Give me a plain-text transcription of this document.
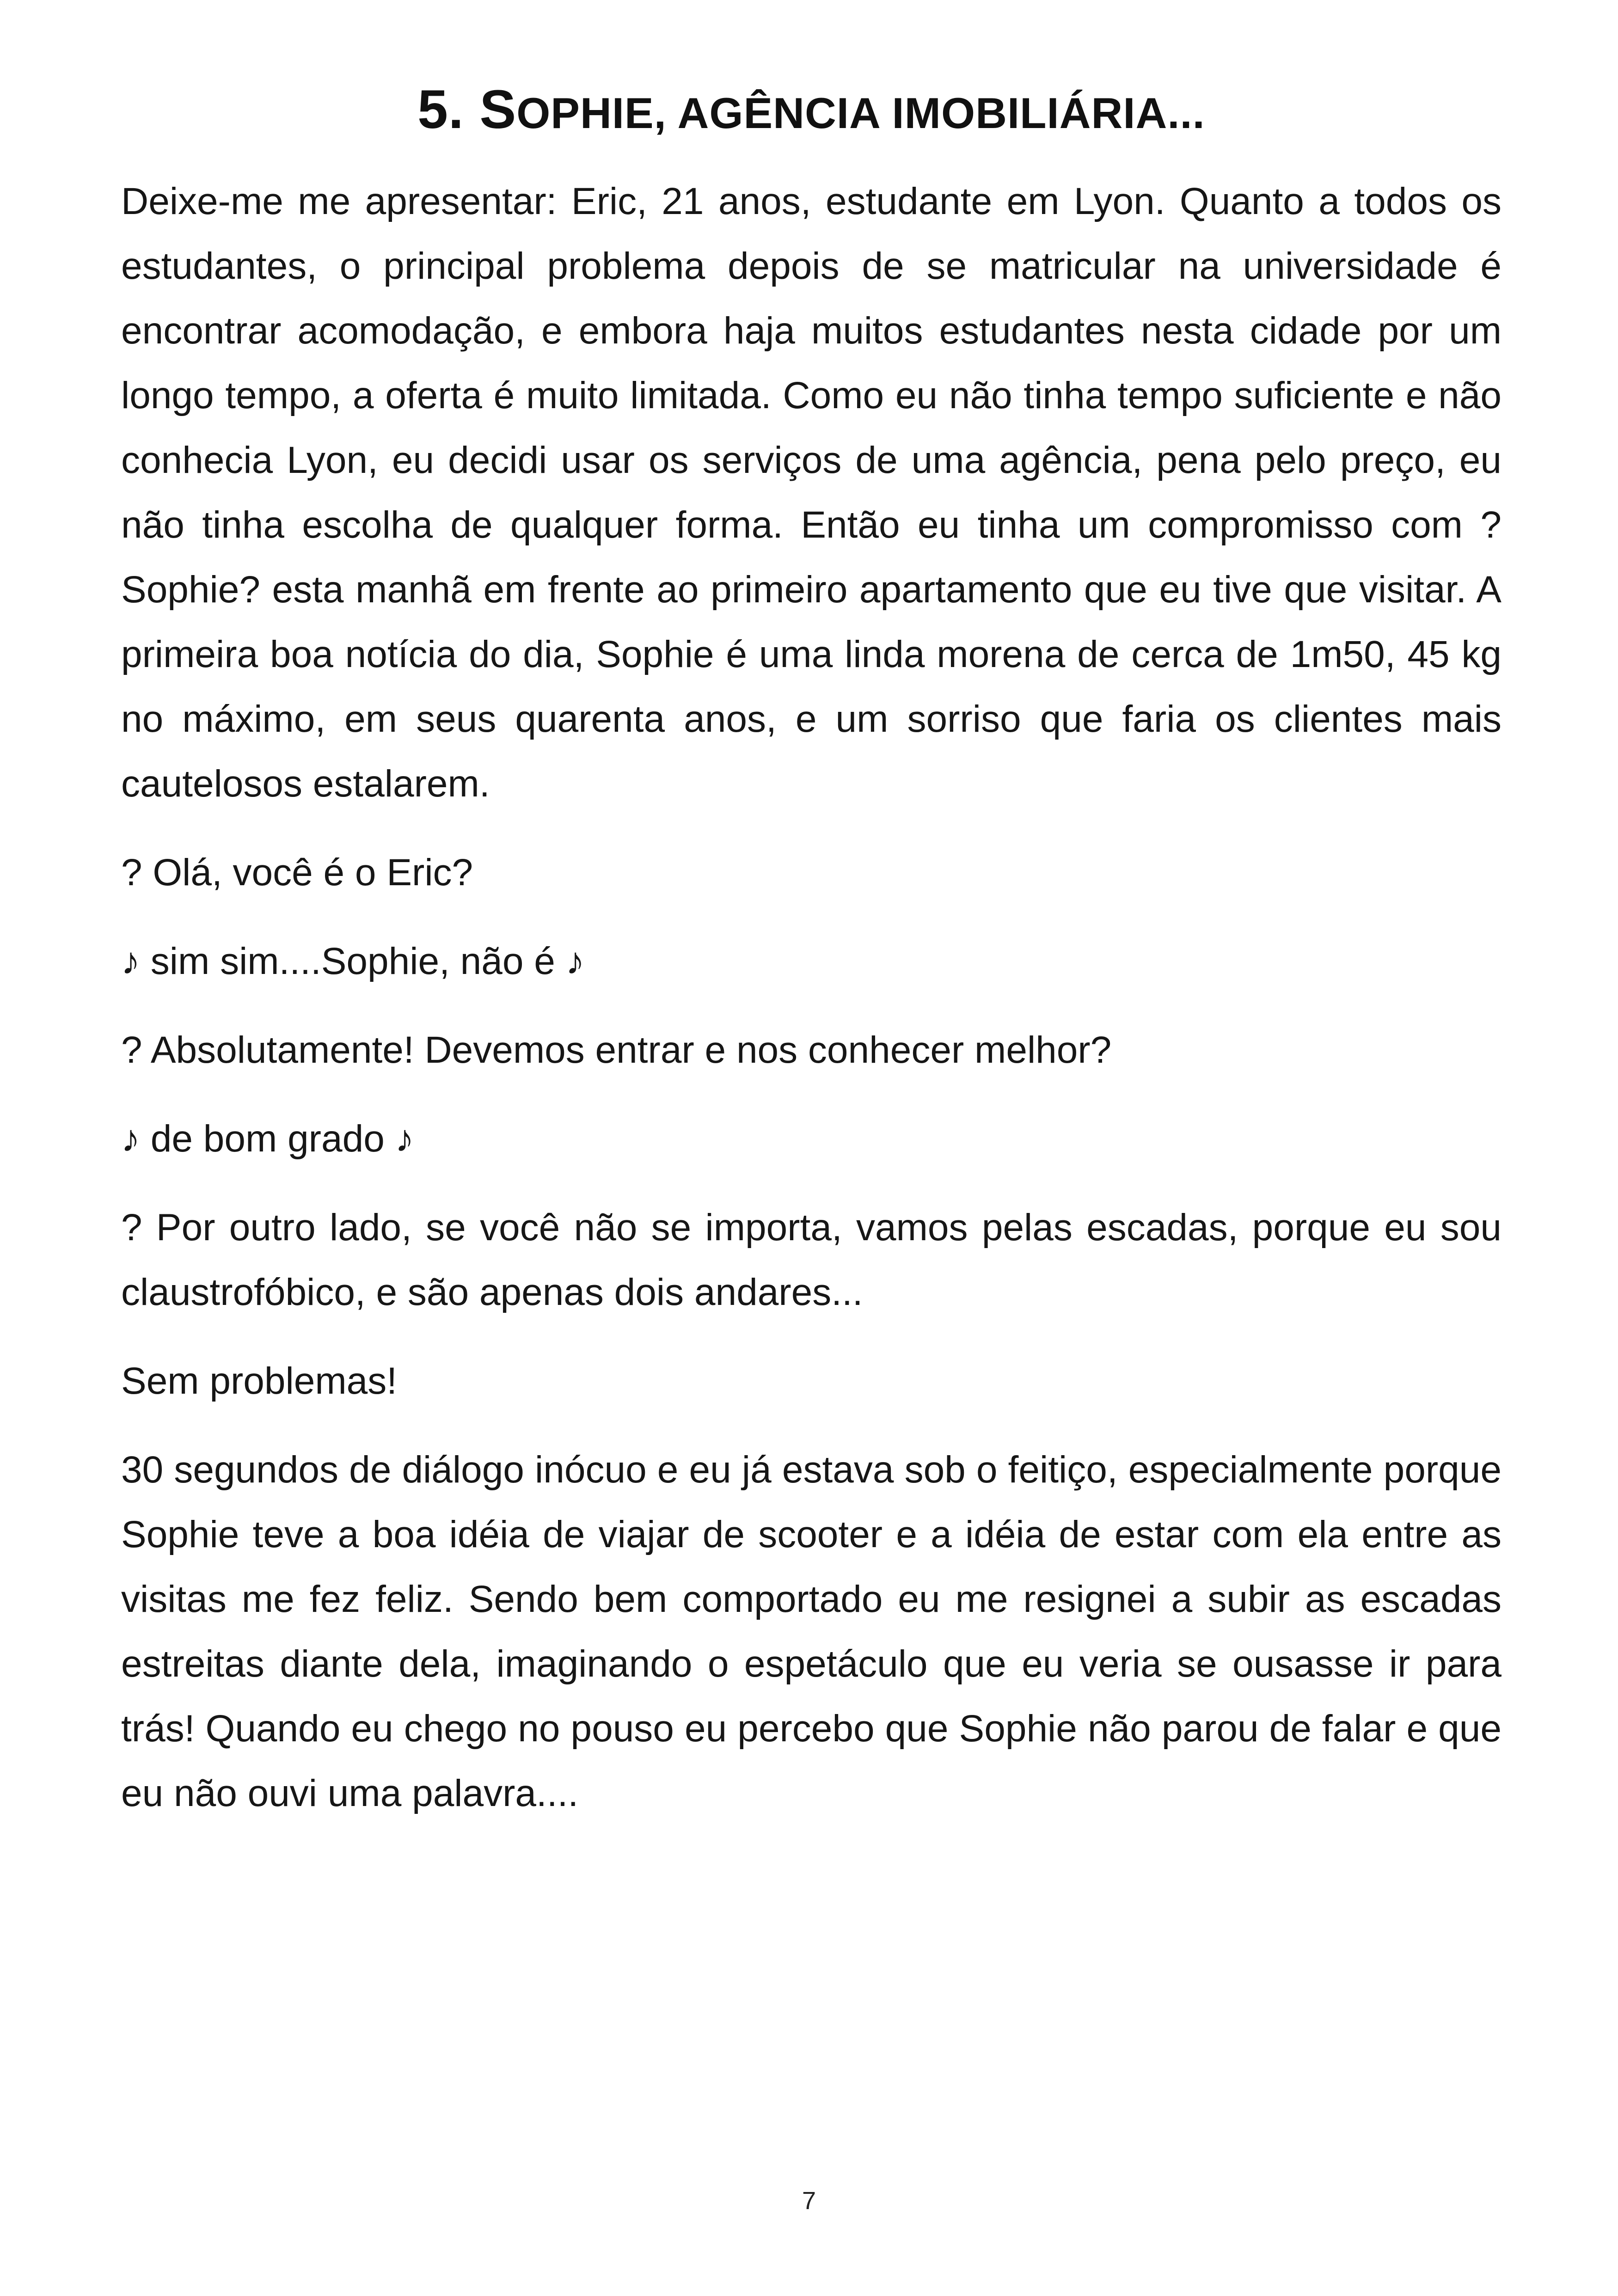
5. SOPHIE, AGÊNCIA IMOBILIÁRIA...

Deixe-me me apresentar: Eric, 21 anos, estudante em Lyon. Quanto a todos os estudantes, o principal problema depois de se matricular na universidade é encontrar acomodação, e embora haja muitos estudantes nesta cidade por um longo tempo, a oferta é muito limitada. Como eu não tinha tempo suficiente e não conhecia Lyon, eu decidi usar os serviços de uma agência, pena pelo preço, eu não tinha escolha de qualquer forma. Então eu tinha um compromisso com ? Sophie? esta manhã em frente ao primeiro apartamento que eu tive que visitar. A primeira boa notícia do dia, Sophie é uma linda morena de cerca de 1m50, 45 kg no máximo, em seus quarenta anos, e um sorriso que faria os clientes mais cautelosos estalarem.

? Olá, você é o Eric?

♪ sim sim....Sophie, não é ♪

? Absolutamente! Devemos entrar e nos conhecer melhor?

♪ de bom grado ♪

? Por outro lado, se você não se importa, vamos pelas escadas, porque eu sou claustrofóbico, e são apenas dois andares...

Sem problemas!

30 segundos de diálogo inócuo e eu já estava sob o feitiço, especialmente porque Sophie teve a boa idéia de viajar de scooter e a idéia de estar com ela entre as visitas me fez feliz. Sendo bem comportado eu me resignei a subir as escadas estreitas diante dela, imaginando o espetáculo que eu veria se ousasse ir para trás! Quando eu chego no pouso eu percebo que Sophie não parou de falar e que eu não ouvi uma palavra....

7
